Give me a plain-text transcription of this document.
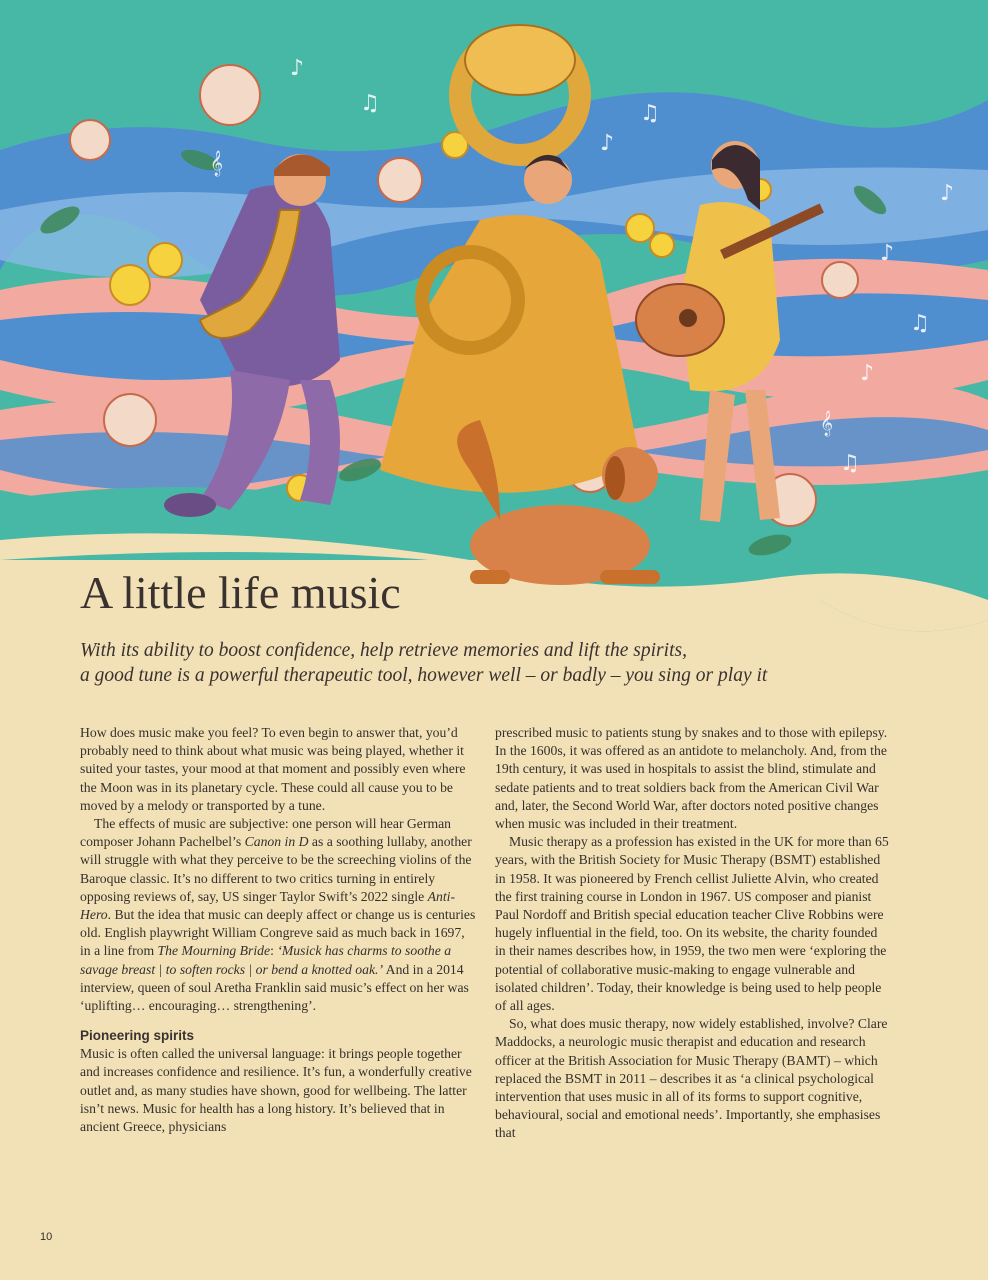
♪
♫
♪
♫
♪
♫
♪
𝄞
𝄞
♪
♫
A little life music

With its ability to boost confidence, help retrieve memories and lift the spirits,
a good tune is a powerful therapeutic tool, however well – or badly – you sing or play it

How does music make you feel? To even begin to answer that, you’d probably need to think about what music was being played, whether it suited your tastes, your mood at that moment and possibly even where the Moon was in its planetary cycle. These could all cause you to be moved by a melody or transported by a tune.

The effects of music are subjective: one person will hear German composer Johann Pachelbel’s Canon in D as a soothing lullaby, another will struggle with what they perceive to be the screeching violins of the Baroque classic. It’s no different to two critics turning in entirely opposing reviews of, say, US singer Taylor Swift’s 2022 single Anti-Hero. But the idea that music can deeply affect or change us is centuries old. English playwright William Congreve said as much back in 1697, in a line from The Mourning Bride: ‘Musick has charms to soothe a savage breast | to soften rocks | or bend a knotted oak.’ And in a 2014 interview, queen of soul Aretha Franklin said music’s effect on her was ‘uplifting… encouraging… strengthening’.

Pioneering spirits

Music is often called the universal language: it brings people together and increases confidence and resilience. It’s fun, a wonderfully creative outlet and, as many studies have shown, good for wellbeing. The latter isn’t news. Music for health has a long history. It’s believed that in ancient Greece, physicians

prescribed music to patients stung by snakes and to those with epilepsy. In the 1600s, it was offered as an antidote to melancholy. And, from the 19th century, it was used in hospitals to assist the blind, stimulate and sedate patients and to treat soldiers back from the American Civil War and, later, the Second World War, after doctors noted positive changes when music was included in their treatment.

Music therapy as a profession has existed in the UK for more than 65 years, with the British Society for Music Therapy (BSMT) established in 1958. It was pioneered by French cellist Juliette Alvin, who created the first training course in London in 1967. US composer and pianist Paul Nordoff and British special education teacher Clive Robbins were hugely influential in the field, too. On its website, the charity founded in their names describes how, in 1959, the two men were ‘exploring the potential of collaborative music-making to engage vulnerable and isolated children’. Today, their knowledge is being used to help people of all ages.

So, what does music therapy, now widely established, involve? Clare Maddocks, a neurologic music therapist and education and research officer at the British Association for Music Therapy (BAMT) – which replaced the BSMT in 2011 – describes it as ‘a clinical psychological intervention that uses music in all of its forms to support cognitive, behavioural, social and emotional needs’. Importantly, she emphasises that

10
